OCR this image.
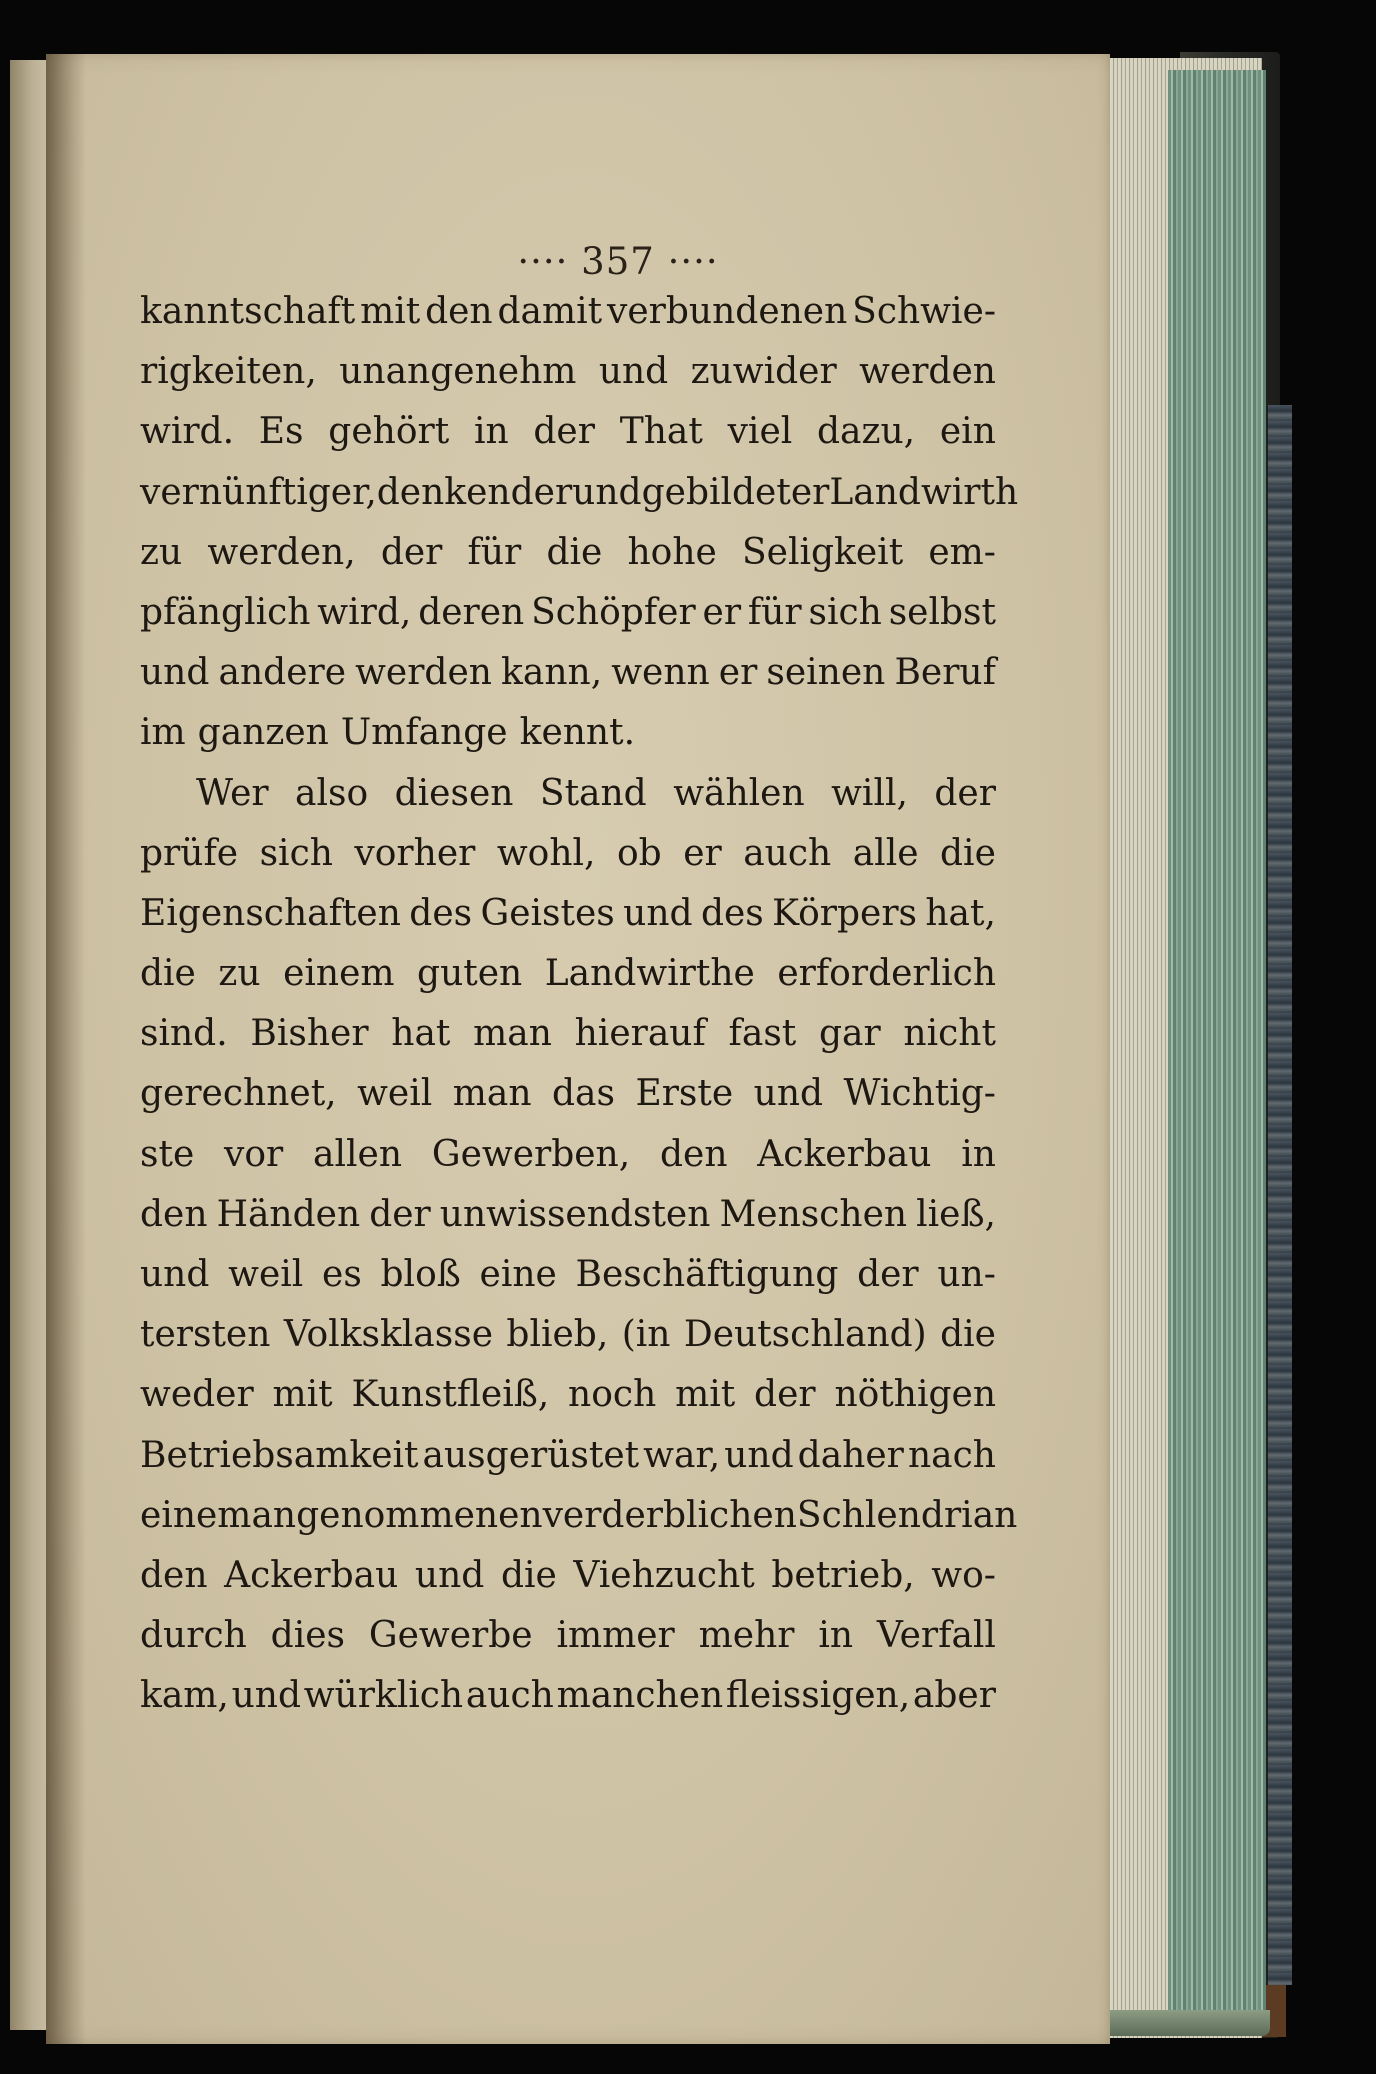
···· 357 ····
kanntschaft mit den damit verbundenen Schwie-
rigkeiten, unangenehm und zuwider werden
wird. Es gehört in der That viel dazu, ein
vernünftiger, denkender und gebildeter Landwirth
zu werden, der für die hohe Seligkeit em-
pfänglich wird, deren Schöpfer er für sich selbst
und andere werden kann, wenn er seinen Beruf
im ganzen Umfange kennt.
Wer also diesen Stand wählen will, der
prüfe sich vorher wohl, ob er auch alle die
Eigenschaften des Geistes und des Körpers hat,
die zu einem guten Landwirthe erforderlich
sind. Bisher hat man hierauf fast gar nicht
gerechnet, weil man das Erste und Wichtig-
ste vor allen Gewerben, den Ackerbau in
den Händen der unwissendsten Menschen ließ,
und weil es bloß eine Beschäftigung der un-
tersten Volksklasse blieb, (in Deutschland) die
weder mit Kunstfleiß, noch mit der nöthigen
Betriebsamkeit ausgerüstet war, und daher nach
einem angenommenen verderblichen Schlendrian
den Ackerbau und die Viehzucht betrieb, wo-
durch dies Gewerbe immer mehr in Verfall
kam, und würklich auch manchen fleissigen, aber
